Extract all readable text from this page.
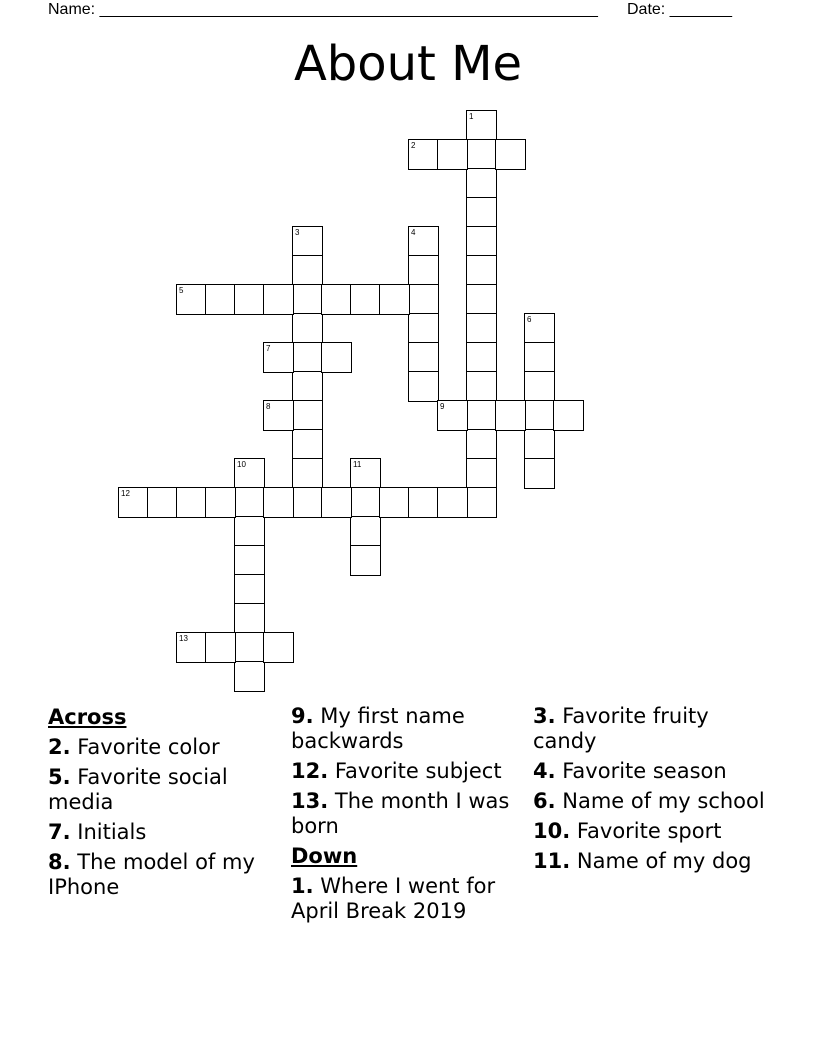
Name: ________________________________________________________ Date: _______
About Me
1
2
3	4
5
6
7
8	9
10	11
12
13
Across
2. Favorite color
5. Favorite social media
7. Initials
8. The model of my IPhone
9. My first name backwards
12. Favorite subject
13. The month I was born
Down
1. Where I went for April Break 2019
3. Favorite fruity candy
4. Favorite season
6. Name of my school
10. Favorite sport
11. Name of my dog
